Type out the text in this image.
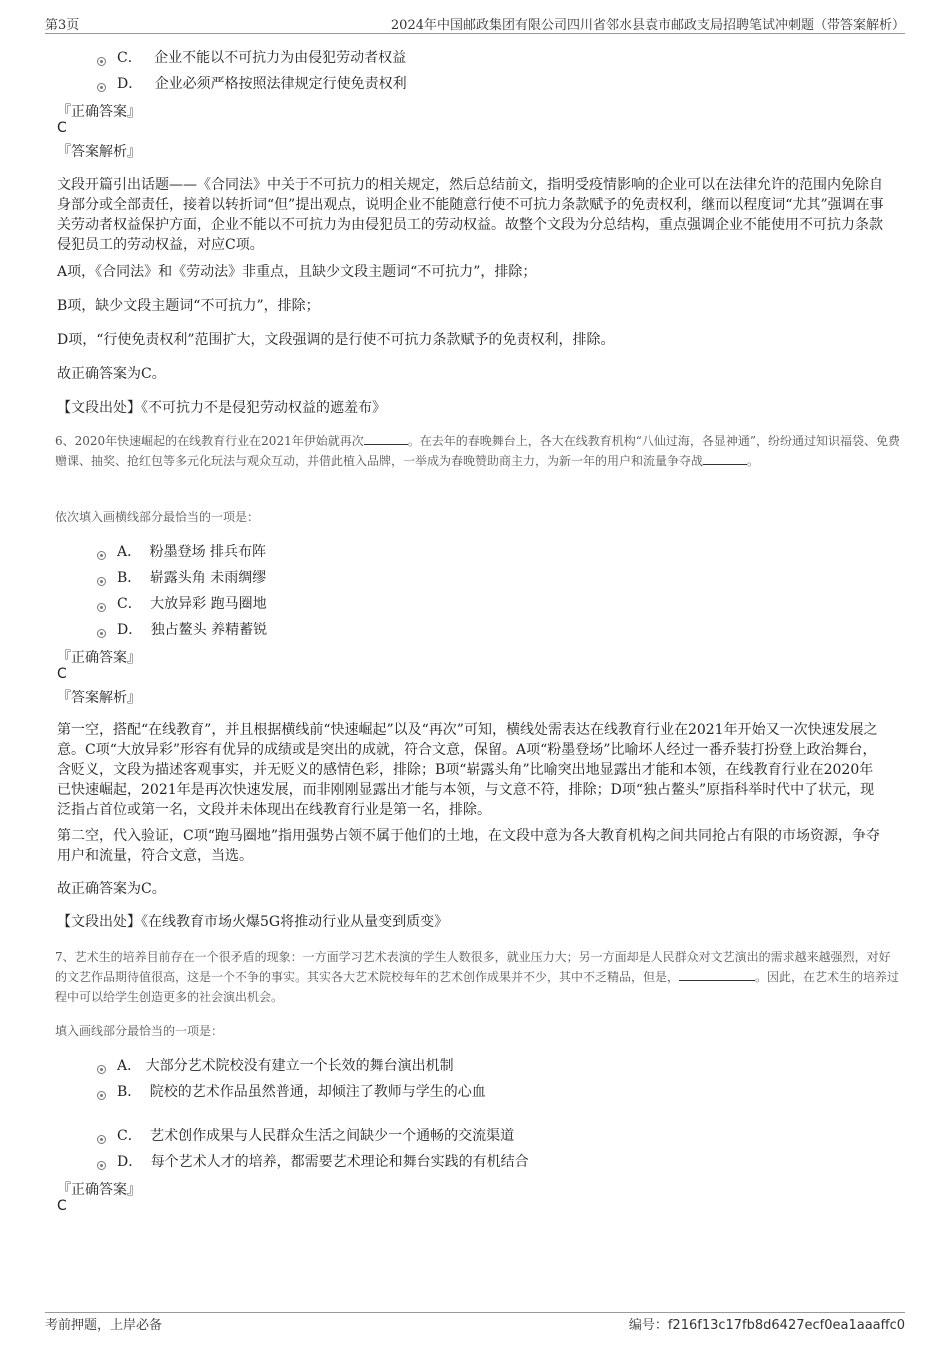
第3页	2024年中国邮政集团有限公司四川省邻水县袁市邮政支局招聘笔试冲刺题（带答案解析）
C． 企业不能以不可抗力为由侵犯劳动者权益
D． 企业必须严格按照法律规定行使免责权利
『正确答案』
C
『答案解析』
文段开篇引出话题——《合同法》中关于不可抗力的相关规定，然后总结前文，指明受疫情影响的企业可以在法律允许的范围内免除自身部分或全部责任，接着以转折词“但”提出观点，说明企业不能随意行使不可抗力条款赋予的免责权利，继而以程度词“尤其”强调在事关劳动者权益保护方面，企业不能以不可抗力为由侵犯员工的劳动权益。故整个文段为分总结构，重点强调企业不能使用不可抗力条款侵犯员工的劳动权益，对应C项。
A项，《合同法》和《劳动法》非重点，且缺少文段主题词“不可抗力”，排除；
B项，缺少文段主题词“不可抗力”，排除；
D项，“行使免责权利”范围扩大，文段强调的是行使不可抗力条款赋予的免责权利，排除。
故正确答案为C。
【文段出处】《不可抗力不是侵犯劳动权益的遮羞布》
6、2020年快速崛起的在线教育行业在2021年伊始就再次	。在去年的春晚舞台上，各大在线教育机构“八仙过海，各显神通”，纷纷通过知识福袋、免费赠课、抽奖、抢红包等多元化玩法与观众互动，并借此植入品牌，一举成为春晚赞助商主力，为新一年的用户和流量争夺战	。
依次填入画横线部分最恰当的一项是：
A． 粉墨登场 排兵布阵
B． 崭露头角 未雨绸缪
C． 大放异彩 跑马圈地
D． 独占鳌头 养精蓄锐
『正确答案』
C
『答案解析』
第一空，搭配“在线教育”，并且根据横线前“快速崛起”以及“再次”可知，横线处需表达在线教育行业在2021年开始又一次快速发展之意。C项“大放异彩”形容有优异的成绩或是突出的成就，符合文意，保留。A项“粉墨登场”比喻坏人经过一番乔装打扮登上政治舞台，含贬义，文段为描述客观事实，并无贬义的感情色彩，排除；B项“崭露头角”比喻突出地显露出才能和本领，在线教育行业在2020年已快速崛起，2021年是再次快速发展，而非刚刚显露出才能与本领，与文意不符，排除；D项“独占鳌头”原指科举时代中了状元，现泛指占首位或第一名，文段并未体现出在线教育行业是第一名，排除。
第二空，代入验证，C项“跑马圈地”指用强势占领不属于他们的土地，在文段中意为各大教育机构之间共同抢占有限的市场资源，争夺用户和流量，符合文意，当选。
故正确答案为C。
【文段出处】《在线教育市场火爆5G将推动行业从量变到质变》
7、艺术生的培养目前存在一个很矛盾的现象：一方面学习艺术表演的学生人数很多，就业压力大；另一方面却是人民群众对文艺演出的需求越来越强烈，对好的文艺作品期待值很高，这是一个不争的事实。其实各大艺术院校每年的艺术创作成果并不少，其中不乏精品，但是，	。因此，在艺术生的培养过程中可以给学生创造更多的社会演出机会。
填入画线部分最恰当的一项是：
A． 大部分艺术院校没有建立一个长效的舞台演出机制
B． 院校的艺术作品虽然普通，却倾注了教师与学生的心血
C． 艺术创作成果与人民群众生活之间缺少一个通畅的交流渠道
D． 每个艺术人才的培养，都需要艺术理论和舞台实践的有机结合
『正确答案』
C
考前押题，上岸必备	编号：f216f13c17fb8d6427ecf0ea1aaaffc0
